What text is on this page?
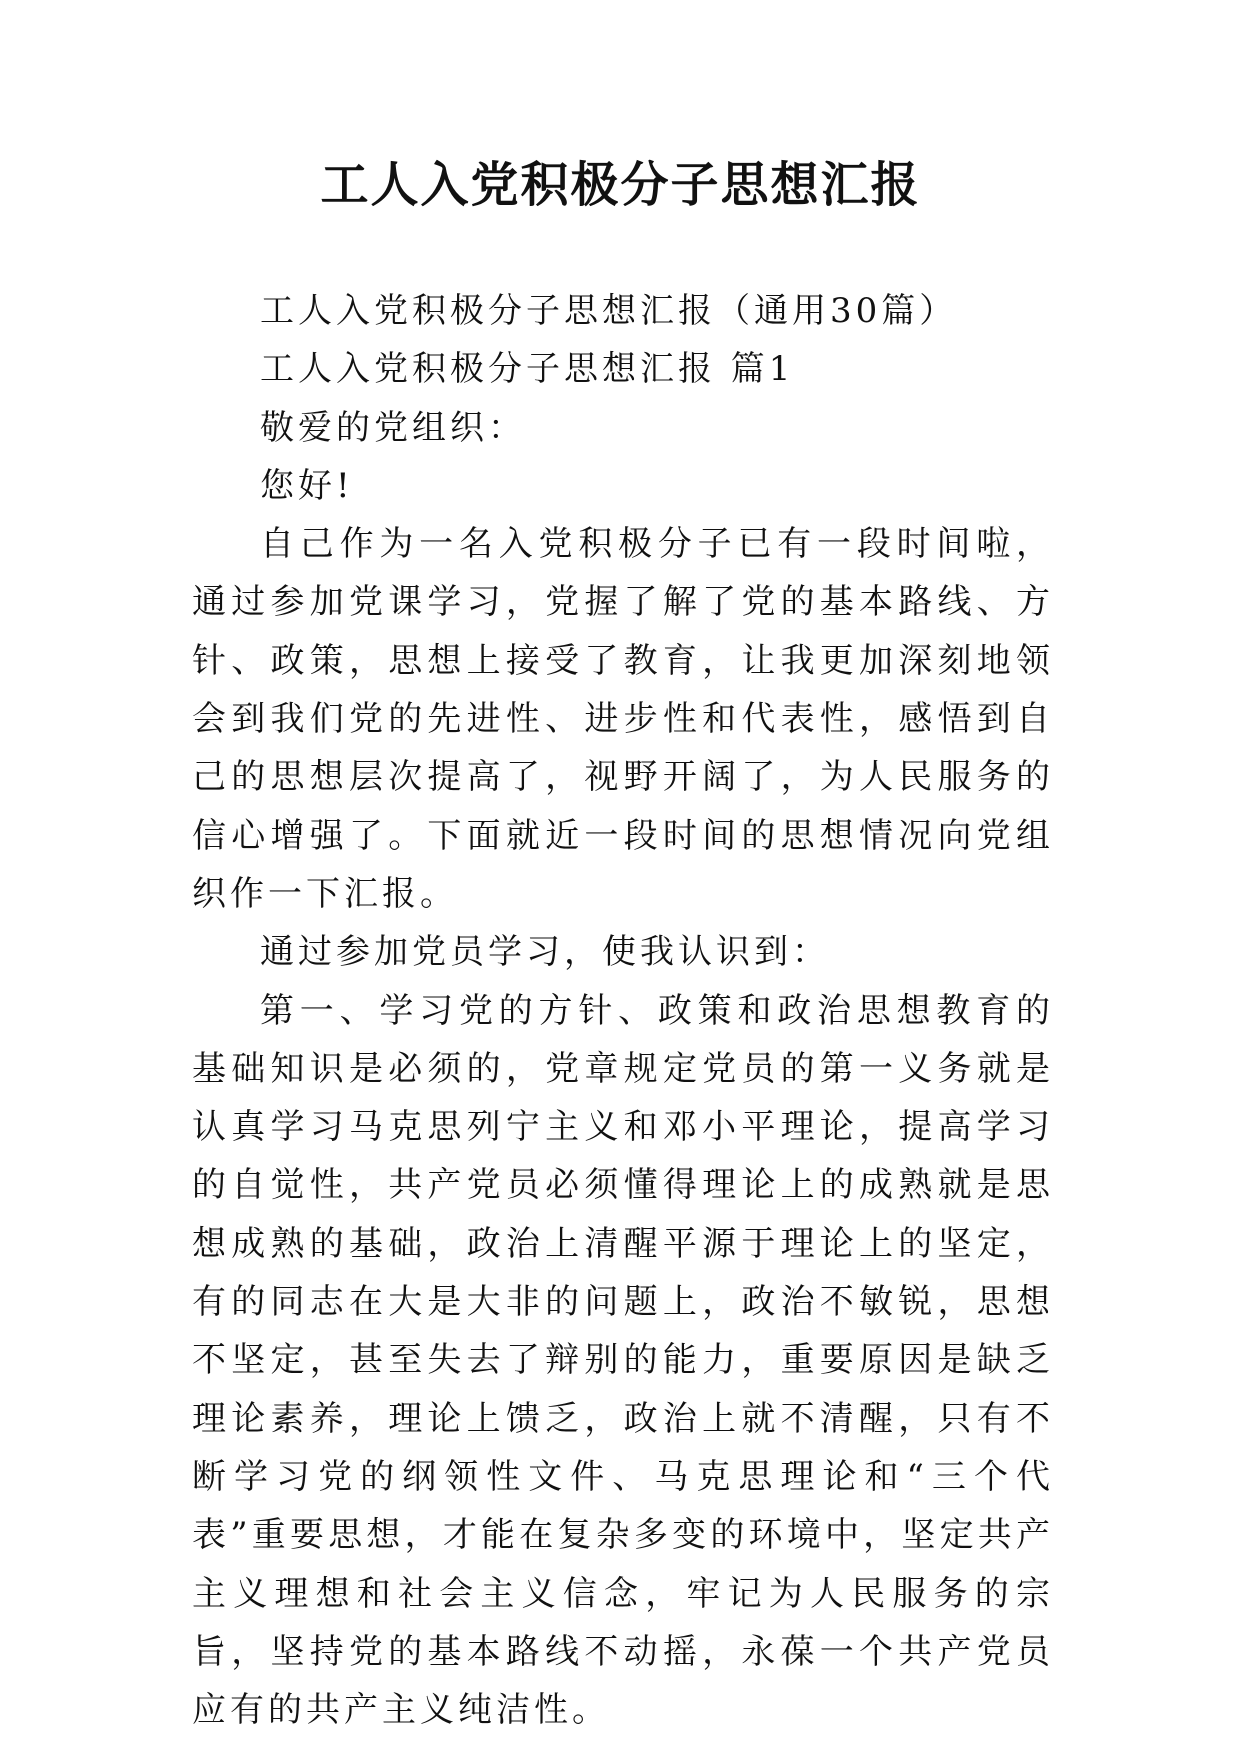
工人入党积极分子思想汇报

工人入党积极分子思想汇报（通用30篇）

工人入党积极分子思想汇报 篇1

敬爱的党组织：

您好!

自己作为一名入党积极分子已有一段时间啦，通过参加党课学习，党握了解了党的基本路线、方针、政策，思想上接受了教育，让我更加深刻地领会到我们党的先进性、进步性和代表性，感悟到自己的思想层次提高了，视野开阔了，为人民服务的信心增强了。下面就近一段时间的思想情况向党组织作一下汇报。

通过参加党员学习，使我认识到：

第一、学习党的方针、政策和政治思想教育的基础知识是必须的，党章规定党员的第一义务就是认真学习马克思列宁主义和邓小平理论，提高学习的自觉性，共产党员必须懂得理论上的成熟就是思想成熟的基础，政治上清醒平源于理论上的坚定，有的同志在大是大非的问题上，政治不敏锐，思想不坚定，甚至失去了辩别的能力，重要原因是缺乏理论素养，理论上馈乏，政治上就不清醒，只有不断学习党的纲领性文件、马克思理论和“三个代表”重要思想，才能在复杂多变的环境中，坚定共产主义理想和社会主义信念，牢记为人民服务的宗旨，坚持党的基本路线不动摇，永葆一个共产党员应有的共产主义纯洁性。
